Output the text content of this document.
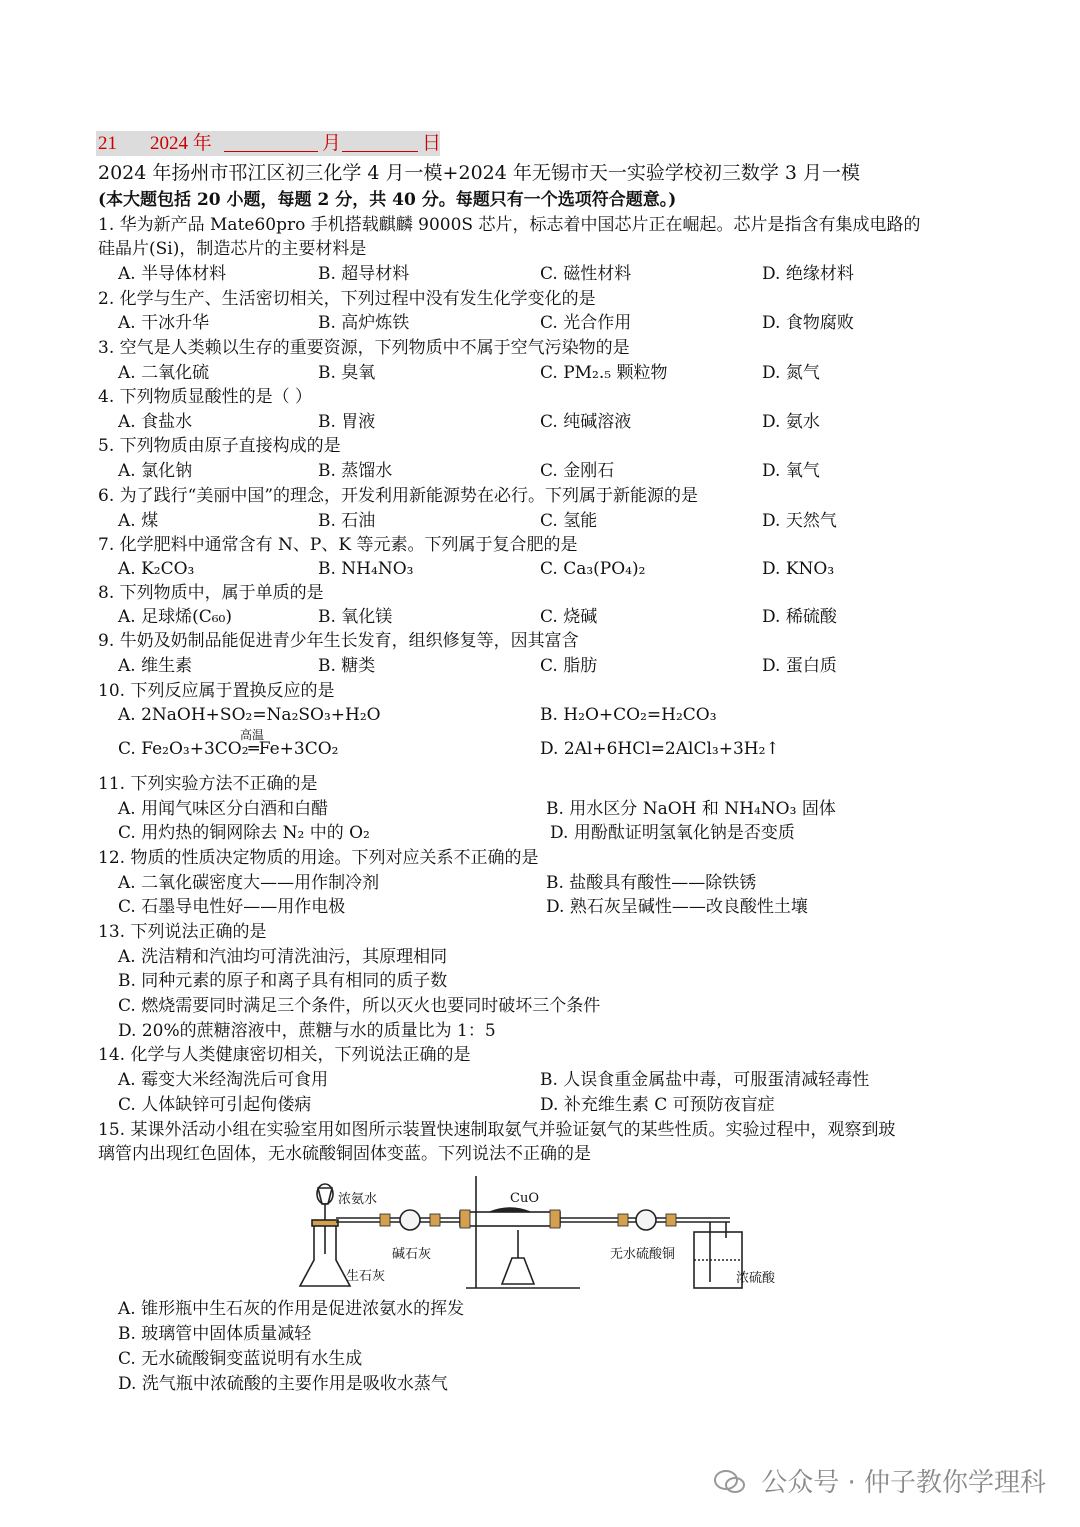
21 2024 年	月	日
2024 年扬州市邗江区初三化学 4 月一模+2024 年无锡市天一实验学校初三数学 3 月一模
(本大题包括 20 小题，每题 2 分，共 40 分。每题只有一个选项符合题意。)
1. 华为新产品 Mate60pro 手机搭载麒麟 9000S 芯片，标志着中国芯片正在崛起。芯片是指含有集成电路的
硅晶片(Si)，制造芯片的主要材料是
A. 半导体材料	B. 超导材料	C. 磁性材料	D. 绝缘材料
2. 化学与生产、生活密切相关，下列过程中没有发生化学变化的是
A. 干冰升华	B. 高炉炼铁	C. 光合作用	D. 食物腐败
3. 空气是人类赖以生存的重要资源，下列物质中不属于空气污染物的是
A. 二氧化硫	B. 臭氧	C. PM₂.₅ 颗粒物	D. 氮气
4. 下列物质显酸性的是（ ）
A. 食盐水	B. 胃液	C. 纯碱溶液	D. 氨水
5. 下列物质由原子直接构成的是
A. 氯化钠	B. 蒸馏水	C. 金刚石	D. 氧气
6. 为了践行“美丽中国”的理念，开发利用新能源势在必行。下列属于新能源的是
A. 煤	B. 石油	C. 氢能	D. 天然气
7. 化学肥料中通常含有 N、P、K 等元素。下列属于复合肥的是
A. K₂CO₃	B. NH₄NO₃	C. Ca₃(PO₄)₂	D. KNO₃
8. 下列物质中，属于单质的是
A. 足球烯(C₆₀)	B. 氧化镁	C. 烧碱	D. 稀硫酸
9. 牛奶及奶制品能促进青少年生长发育，组织修复等，因其富含
A. 维生素	B. 糖类	C. 脂肪	D. 蛋白质
10. 下列反应属于置换反应的是
A. 2NaOH+SO₂=Na₂SO₃+H₂O	B. H₂O+CO₂=H₂CO₃
高温
C. Fe₂O₃+3CO₂═Fe+3CO₂	D. 2Al+6HCl=2AlCl₃+3H₂↑
11. 下列实验方法不正确的是
A. 用闻气味区分白酒和白醋	B. 用水区分 NaOH 和 NH₄NO₃ 固体
C. 用灼热的铜网除去 N₂ 中的 O₂	D. 用酚酞证明氢氧化钠是否变质
12. 物质的性质决定物质的用途。下列对应关系不正确的是
A. 二氧化碳密度大——用作制冷剂	B. 盐酸具有酸性——除铁锈
C. 石墨导电性好——用作电极	D. 熟石灰呈碱性——改良酸性土壤
13. 下列说法正确的是
A. 洗洁精和汽油均可清洗油污，其原理相同
B. 同种元素的原子和离子具有相同的质子数
C. 燃烧需要同时满足三个条件，所以灭火也要同时破坏三个条件
D. 20%的蔗糖溶液中，蔗糖与水的质量比为 1：5
14. 化学与人类健康密切相关，下列说法正确的是
A. 霉变大米经淘洗后可食用	B. 人误食重金属盐中毒，可服蛋清减轻毒性
C. 人体缺锌可引起佝偻病	D. 补充维生素 C 可预防夜盲症
15. 某课外活动小组在实验室用如图所示装置快速制取氨气并验证氨气的某些性质。实验过程中，观察到玻
璃管内出现红色固体，无水硫酸铜固体变蓝。下列说法不正确的是
浓氨水	CuO
碱石灰
生石灰
无水硫酸铜
浓硫酸
A. 锥形瓶中生石灰的作用是促进浓氨水的挥发
B. 玻璃管中固体质量减轻
C. 无水硫酸铜变蓝说明有水生成
D. 洗气瓶中浓硫酸的主要作用是吸收水蒸气
公众号 · 仲子教你学理科
